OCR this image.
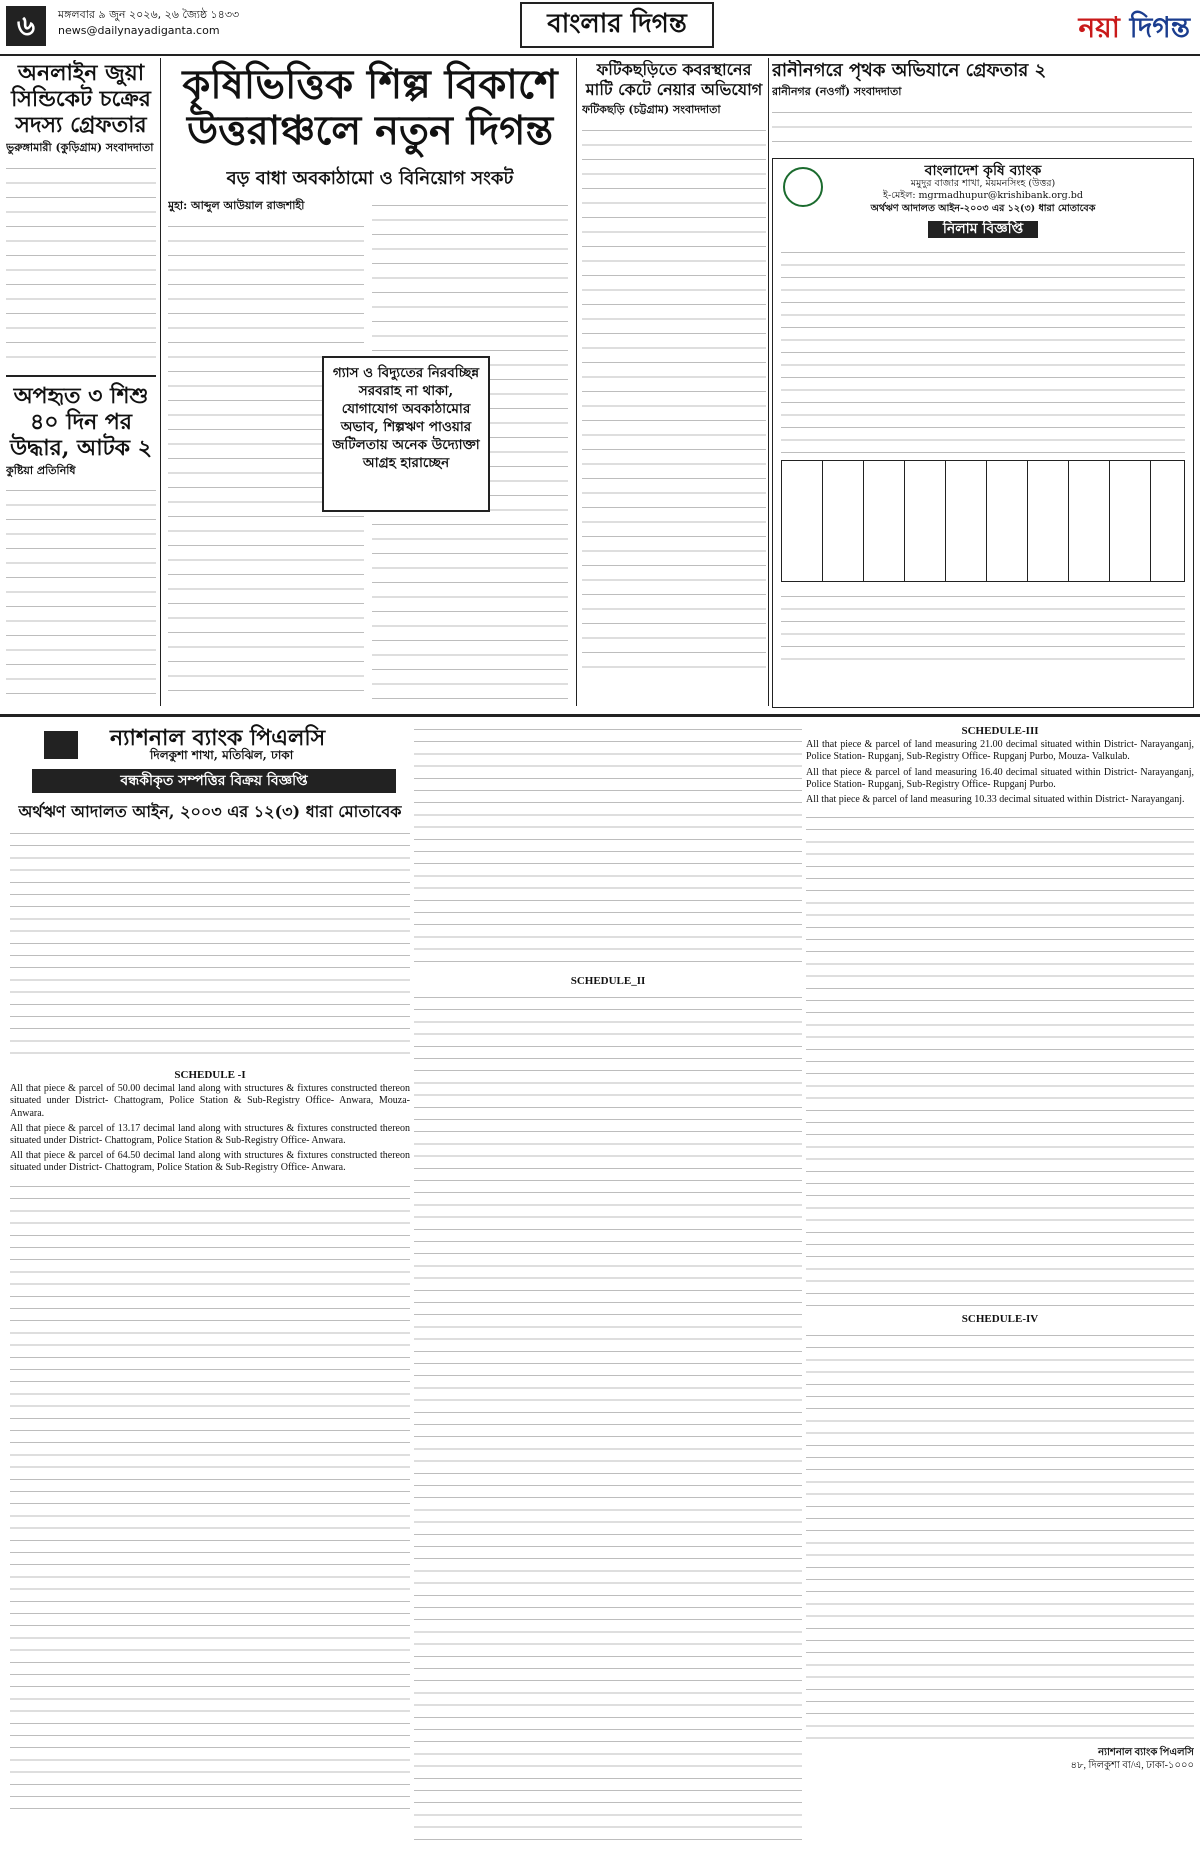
৬	মঙ্গলবার ৯ জুন ২০২৬, ২৬ জ্যৈষ্ঠ ১৪৩৩
news@dailynayadiganta.com	বাংলার দিগন্ত	নয়া দিগন্ত
অনলাইন জুয়া সিন্ডিকেট চক্রের সদস্য গ্রেফতার
ভুরুঙ্গামারী (কুড়িগ্রাম) সংবাদদাতা
অপহৃত ৩ শিশু ৪০ দিন পর উদ্ধার, আটক ২
কুষ্টিয়া প্রতিনিধি
কৃষিভিত্তিক শিল্প বিকাশে উত্তরাঞ্চলে নতুন দিগন্ত
বড় বাধা অবকাঠামো ও বিনিয়োগ সংকট
মুহা: আব্দুল আউয়াল রাজশাহী
গ্যাস ও বিদ্যুতের নিরবচ্ছিন্ন সরবরাহ না থাকা, যোগাযোগ অবকাঠামোর অভাব, শিল্পঋণ পাওয়ার জটিলতায় অনেক উদ্যোক্তা আগ্রহ হারাচ্ছেন
ফটিকছড়িতে কবরস্থানের মাটি কেটে নেয়ার অভিযোগ
ফটিকছড়ি (চট্টগ্রাম) সংবাদদাতা
রানীনগরে পৃথক অভিযানে গ্রেফতার ২
রানীনগর (নওগাঁ) সংবাদদাতা
বাংলাদেশ কৃষি ব্যাংক
মমুদুর বাজার শাখা, ময়মনসিংহ (উত্তর)
ই-মেইল: mgrmadhupur@krishibank.org.bd
অর্থঋণ আদালত আইন-২০০৩ এর ১২(৩) ধারা মোতাবেক
নিলাম বিজ্ঞপ্তি
ন্যাশনাল ব্যাংক পিএলসি
দিলকুশা শাখা, মতিঝিল, ঢাকা
বন্ধকীকৃত সম্পত্তির বিক্রয় বিজ্ঞপ্তি
অর্থঋণ আদালত আইন, ২০০৩ এর ১২(৩) ধারা মোতাবেক
SCHEDULE -I
All that piece & parcel of 50.00 decimal land along with structures & fixtures constructed thereon situated under District- Chattogram, Police Station & Sub-Registry Office- Anwara, Mouza- Anwara.
All that piece & parcel of 13.17 decimal land along with structures & fixtures constructed thereon situated under District- Chattogram, Police Station & Sub-Registry Office- Anwara.
All that piece & parcel of 64.50 decimal land along with structures & fixtures constructed thereon situated under District- Chattogram, Police Station & Sub-Registry Office- Anwara.
SCHEDULE_II
SCHEDULE-III
All that piece & parcel of land measuring 21.00 decimal situated within District- Narayanganj, Police Station- Rupganj, Sub-Registry Office- Rupganj Purbo, Mouza- Valkulab.
All that piece & parcel of land measuring 16.40 decimal situated within District- Narayanganj, Police Station- Rupganj, Sub-Registry Office- Rupganj Purbo.
All that piece & parcel of land measuring 10.33 decimal situated within District- Narayanganj.
SCHEDULE-IV
ন্যাশনাল ব্যাংক পিএলসি
৪৮, দিলকুশা বা/এ, ঢাকা-১০০০
